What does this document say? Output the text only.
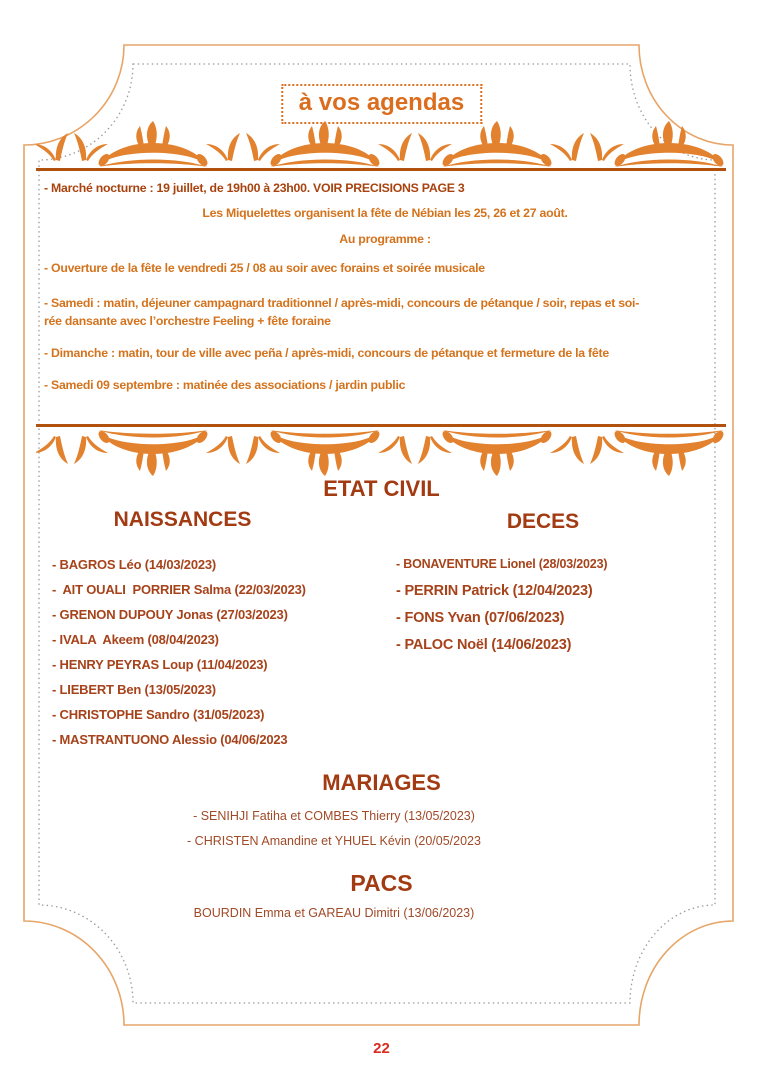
à vos agendas

- Marché nocturne : 19 juillet, de 19h00 à 23h00. VOIR PRECISIONS PAGE 3

Les Miquelettes organisent la fête de Nébian les 25, 26 et 27 août.

Au programme :

- Ouverture de la fête le vendredi 25 / 08 au soir avec forains et soirée musicale

- Samedi : matin, déjeuner campagnard traditionnel / après-midi, concours de pétanque / soir, repas et soi-

rée dansante avec l’orchestre Feeling + fête foraine

- Dimanche : matin, tour de ville avec peña / après-midi, concours de pétanque et fermeture de la fête

- Samedi 09 septembre : matinée des associations / jardin public

ETAT CIVIL
NAISSANCES

- BAGROS Léo (14/03/2023)

-  AIT OUALI  PORRIER Salma (22/03/2023)

- GRENON DUPOUY Jonas (27/03/2023)

- IVALA  Akeem (08/04/2023)

- HENRY PEYRAS Loup (11/04/2023)

- LIEBERT Ben (13/05/2023)

- CHRISTOPHE Sandro (31/05/2023)

- MASTRANTUONO Alessio (04/06/2023

DECES

- BONAVENTURE Lionel (28/03/2023)

- PERRIN Patrick (12/04/2023)

- FONS Yvan (07/06/2023)

- PALOC Noël (14/06/2023)

MARIAGES

- SENIHJI Fatiha et COMBES Thierry (13/05/2023)

- CHRISTEN Amandine et YHUEL Kévin (20/05/2023

PACS

BOURDIN Emma et GAREAU Dimitri (13/06/2023)

22
